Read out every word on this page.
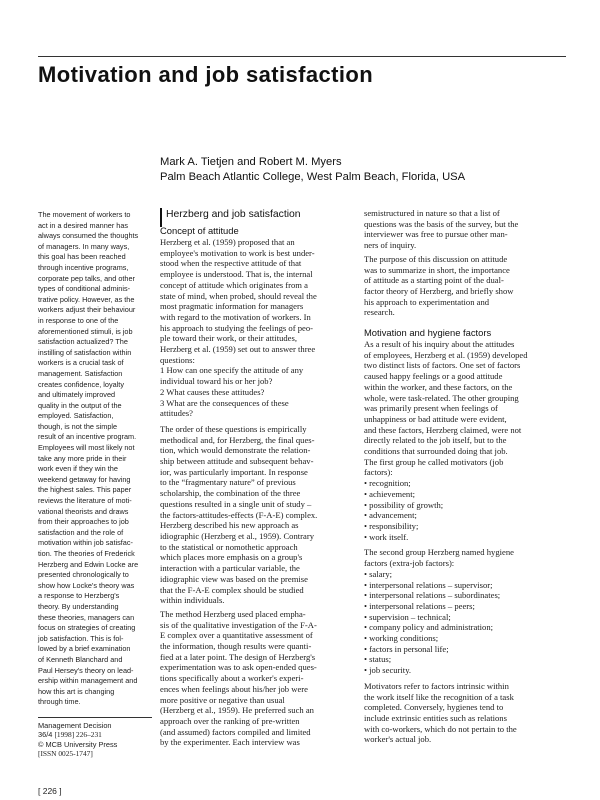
Motivation and job satisfaction
Mark A. Tietjen and Robert M. Myers
Palm Beach Atlantic College, West Palm Beach, Florida, USA
The movement of workers to
act in a desired manner has
always consumed the thoughts
of managers. In many ways,
this goal has been reached
through incentive programs,
corporate pep talks, and other
types of conditional adminis-
trative policy. However, as the
workers adjust their behaviour
in response to one of the
aforementioned stimuli, is job
satisfaction actualized? The
instilling of satisfaction within
workers is a crucial task of
management. Satisfaction
creates confidence, loyalty
and ultimately improved
quality in the output of the
employed. Satisfaction,
though, is not the simple
result of an incentive program.
Employees will most likely not
take any more pride in their
work even if they win the
weekend getaway for having
the highest sales. This paper
reviews the literature of moti-
vational theorists and draws
from their approaches to job
satisfaction and the role of
motivation within job satisfac-
tion. The theories of Frederick
Herzberg and Edwin Locke are
presented chronologically to
show how Locke's theory was
a response to Herzberg's
theory. By understanding
these theories, managers can
focus on strategies of creating
job satisfaction. This is fol-
lowed by a brief examination
of Kenneth Blanchard and
Paul Hersey's theory on lead-
ership within management and
how this art is changing
through time.
Management Decision
36/4 [1998] 226–231
© MCB University Press
[ISSN 0025-1747]
[ 226 ]
Herzberg and job satisfaction
Concept of attitude
Herzberg et al. (1959) proposed that an
employee's motivation to work is best under-
stood when the respective attitude of that
employee is understood. That is, the internal
concept of attitude which originates from a
state of mind, when probed, should reveal the
most pragmatic information for managers
with regard to the motivation of workers. In
his approach to studying the feelings of peo-
ple toward their work, or their attitudes,
Herzberg et al. (1959) set out to answer three
questions:
1 How can one specify the attitude of any
individual toward his or her job?
2 What causes these attitudes?
3 What are the consequences of these
attitudes?
The order of these questions is empirically
methodical and, for Herzberg, the final ques-
tion, which would demonstrate the relation-
ship between attitude and subsequent behav-
ior, was particularly important. In response
to the “fragmentary nature” of previous
scholarship, the combination of the three
questions resulted in a single unit of study –
the factors-attitudes-effects (F-A-E) complex.
Herzberg described his new approach as
idiographic (Herzberg et al., 1959). Contrary
to the statistical or nomothetic approach
which places more emphasis on a group's
interaction with a particular variable, the
idiographic view was based on the premise
that the F-A-E complex should be studied
within individuals.
The method Herzberg used placed empha-
sis of the qualitative investigation of the F-A-
E complex over a quantitative assessment of
the information, though results were quanti-
fied at a later point. The design of Herzberg's
experimentation was to ask open-ended ques-
tions specifically about a worker's experi-
ences when feelings about his/her job were
more positive or negative than usual
(Herzberg et al., 1959). He preferred such an
approach over the ranking of pre-written
(and assumed) factors compiled and limited
by the experimenter. Each interview was
semistructured in nature so that a list of
questions was the basis of the survey, but the
interviewer was free to pursue other man-
ners of inquiry.
The purpose of this discussion on attitude
was to summarize in short, the importance
of attitude as a starting point of the dual-
factor theory of Herzberg, and briefly show
his approach to experimentation and
research.
Motivation and hygiene factors
As a result of his inquiry about the attitudes
of employees, Herzberg et al. (1959) developed
two distinct lists of factors. One set of factors
caused happy feelings or a good attitude
within the worker, and these factors, on the
whole, were task-related. The other grouping
was primarily present when feelings of
unhappiness or bad attitude were evident,
and these factors, Herzberg claimed, were not
directly related to the job itself, but to the
conditions that surrounded doing that job.
The first group he called motivators (job
factors):
• recognition;
• achievement;
• possibility of growth;
• advancement;
• responsibility;
• work itself.
The second group Herzberg named hygiene
factors (extra-job factors):
• salary;
• interpersonal relations – supervisor;
• interpersonal relations – subordinates;
• interpersonal relations – peers;
• supervision – technical;
• company policy and administration;
• working conditions;
• factors in personal life;
• status;
• job security.
Motivators refer to factors intrinsic within
the work itself like the recognition of a task
completed. Conversely, hygienes tend to
include extrinsic entities such as relations
with co-workers, which do not pertain to the
worker's actual job.
